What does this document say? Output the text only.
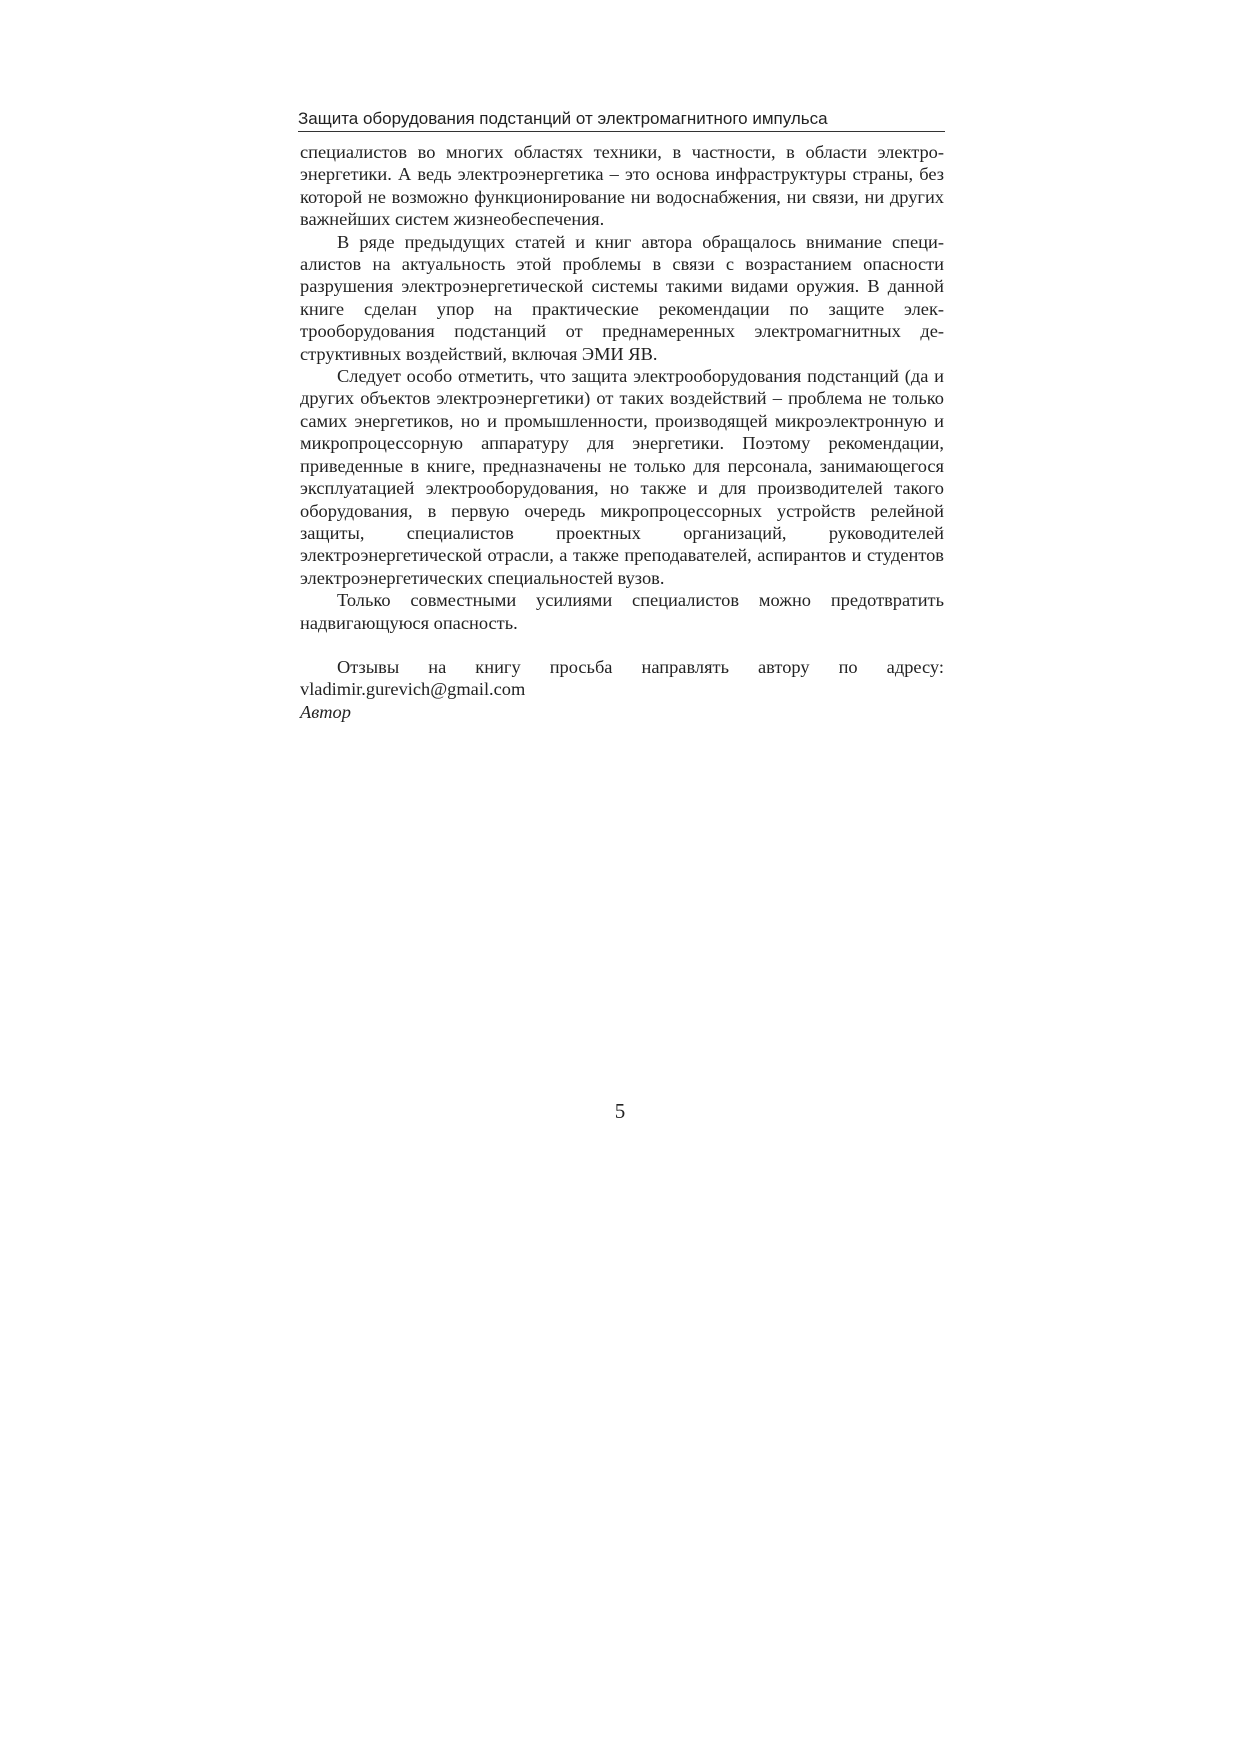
Защита оборудования подстанций от электромагнитного импульса

специалистов во многих областях техники, в частности, в области электроэнергетики. А ведь электроэнергетика – это основа инфраструктуры страны, без которой не возможно функционирование ни водоснабжения, ни связи, ни других важнейших систем жизнеобеспечения.

В ряде предыдущих статей и книг автора обращалось внимание специалистов на актуальность этой проблемы в связи с возрастанием опасности разрушения электроэнергетической системы такими видами оружия. В данной книге сделан упор на практические рекомендации по защите электрооборудования подстанций от преднамеренных электромагнитных деструктивных воздействий, включая ЭМИ ЯВ.

Следует особо отметить, что защита электрооборудования подстанций (да и других объектов электроэнергетики) от таких воздействий – проблема не только самих энергетиков, но и промышленности, производящей микроэлектронную и микропроцессорную аппаратуру для энергетики. Поэтому рекомендации, приведенные в книге, предназначены не только для персонала, занимающегося эксплуатацией электрооборудования, но также и для производителей такого оборудования, в первую очередь микропроцессорных устройств релейной защиты, специалистов проектных организаций, руководителей электроэнергетической отрасли, а также преподавателей, аспирантов и студентов электроэнергетических специальностей вузов.

Только совместными усилиями специалистов можно предотвратить надвигающуюся опасность.

Отзывы на книгу просьба направлять автору по адресу:
vladimir.gurevich@gmail.com

Автор

5
